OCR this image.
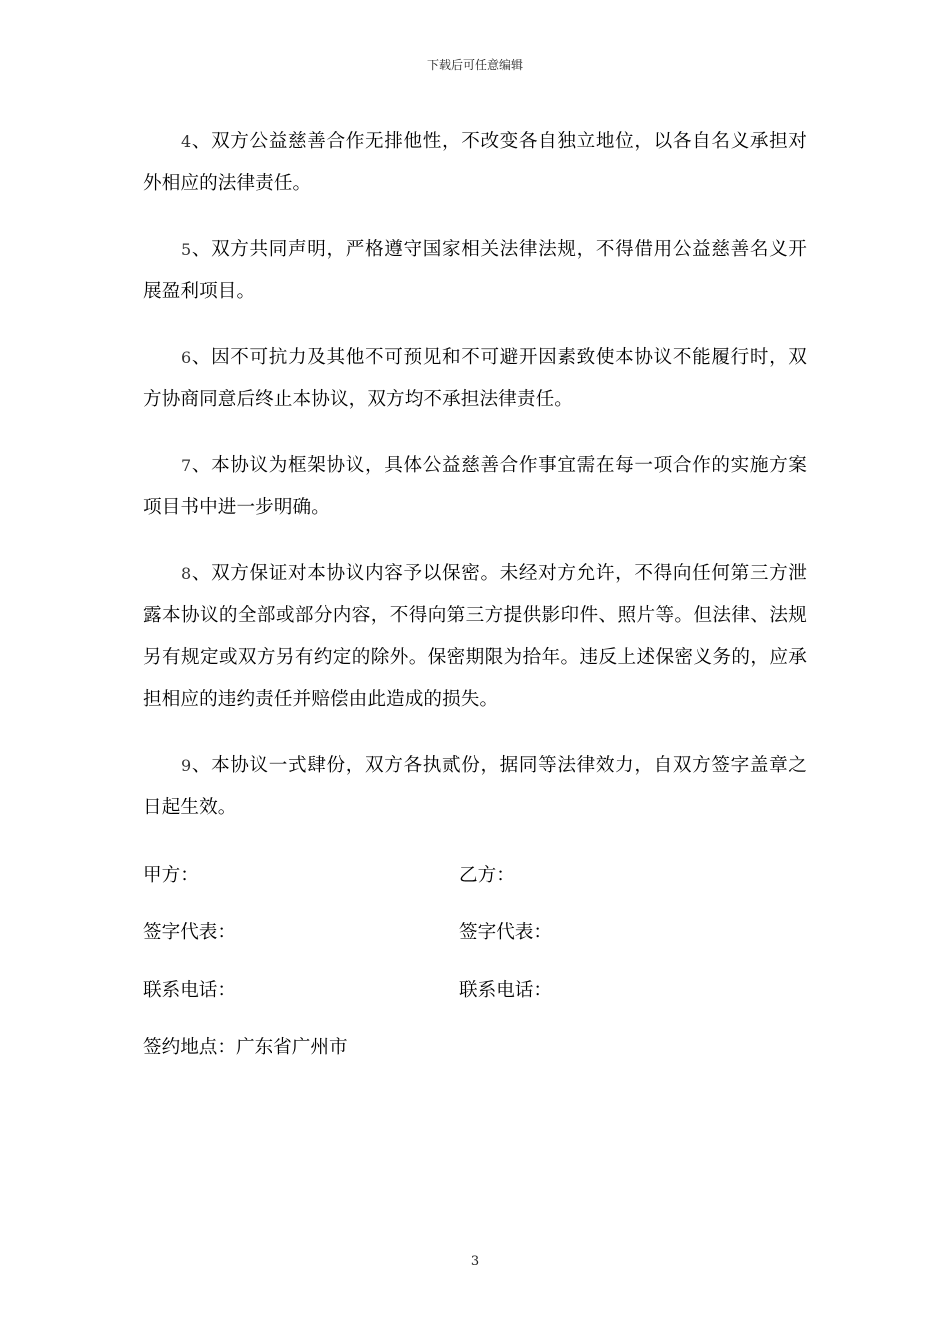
下载后可任意编辑

4、双方公益慈善合作无排他性，不改变各自独立地位，以各自名义承担对外相应的法律责任。

5、双方共同声明，严格遵守国家相关法律法规，不得借用公益慈善名义开展盈利项目。

6、因不可抗力及其他不可预见和不可避开因素致使本协议不能履行时，双方协商同意后终止本协议，双方均不承担法律责任。

7、本协议为框架协议，具体公益慈善合作事宜需在每一项合作的实施方案项目书中进一步明确。

8、双方保证对本协议内容予以保密。未经对方允许，不得向任何第三方泄露本协议的全部或部分内容，不得向第三方提供影印件、照片等。但法律、法规另有规定或双方另有约定的除外。保密期限为拾年。违反上述保密义务的，应承担相应的违约责任并赔偿由此造成的损失。

9、本协议一式肆份，双方各执贰份，据同等法律效力，自双方签字盖章之日起生效。

甲方：	乙方：
签字代表：	签字代表：
联系电话：	联系电话：
签约地点：广东省广州市
3
